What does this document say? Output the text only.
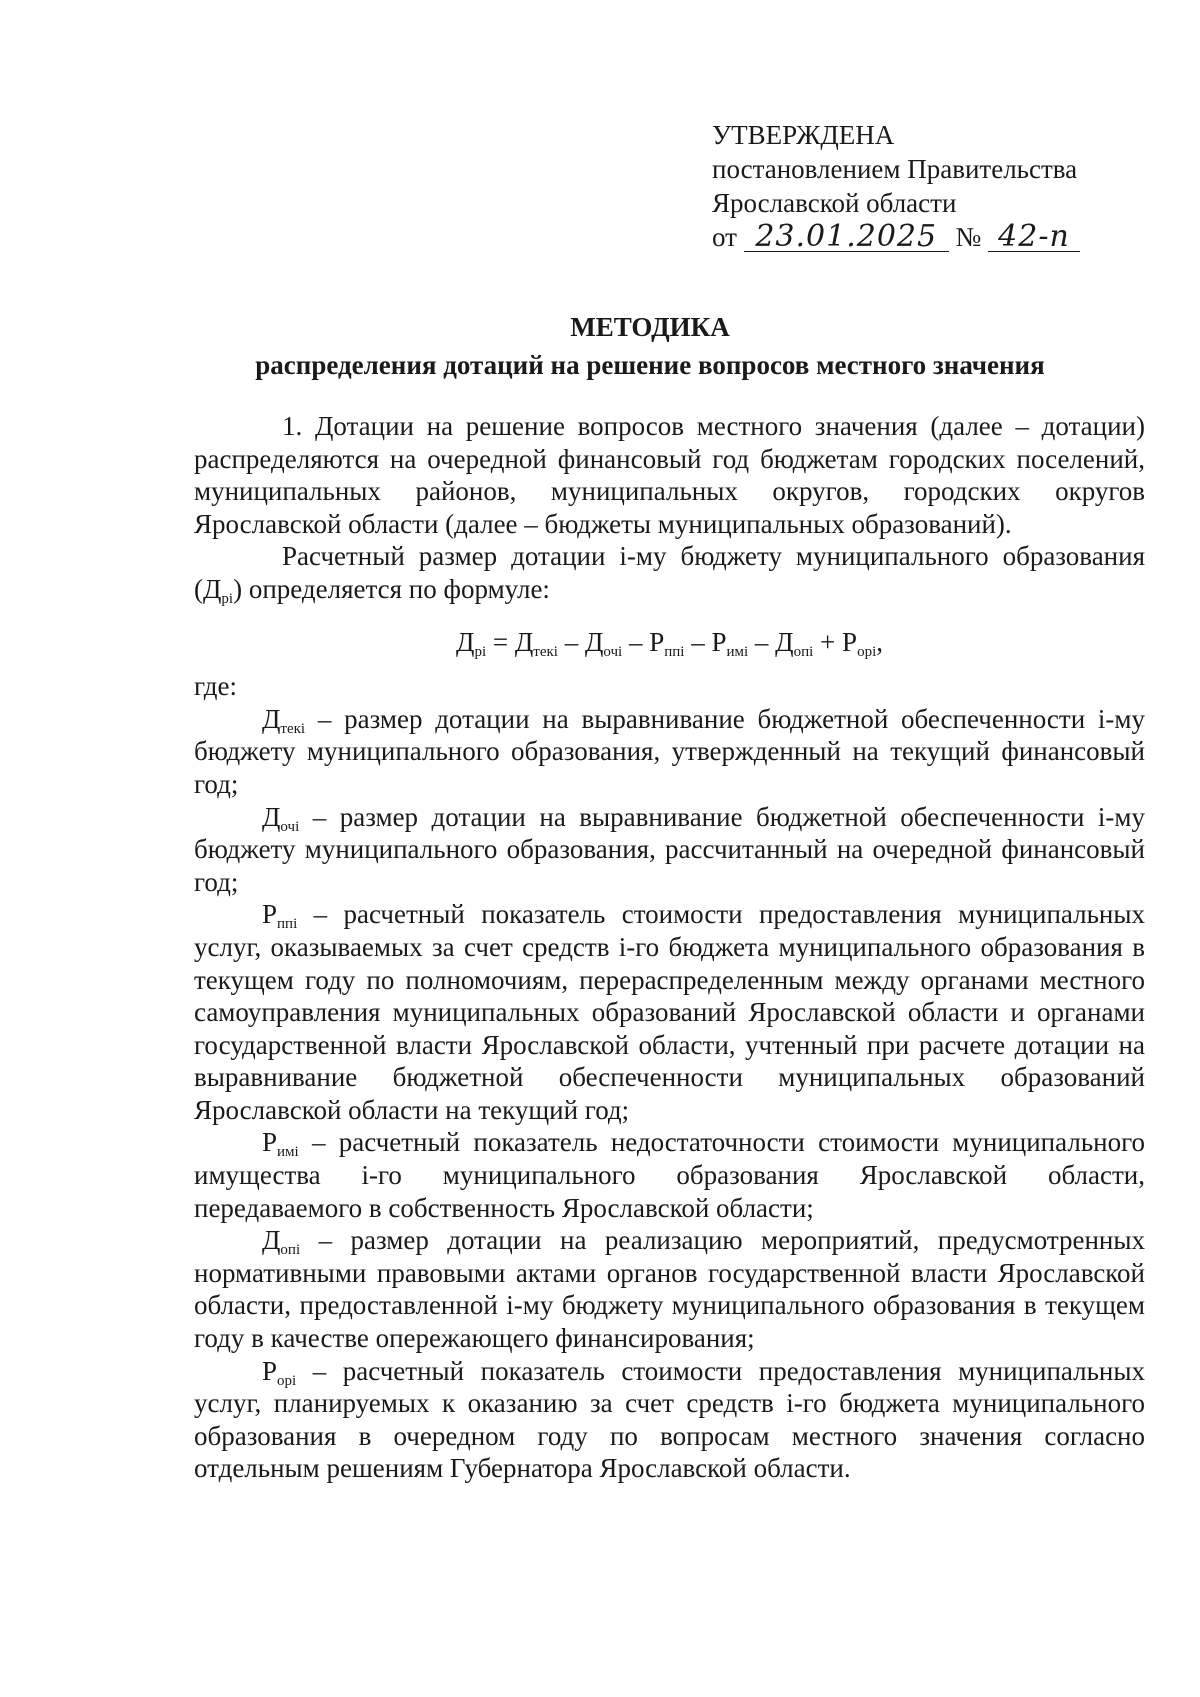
УТВЕРЖДЕНА
постановлением Правительства
Ярославской области
от 23.01.2025 № 42-п
МЕТОДИКА
распределения дотаций на решение вопросов местного значения

1. Дотации на решение вопросов местного значения (далее – дотации) распределяются на очередной финансовый год бюджетам городских поселений, муниципальных районов, муниципальных округов, городских округов Ярославской области (далее – бюджеты муниципальных образований).

Расчетный размер дотации i-му бюджету муниципального образования $(Д_{рi})$ определяется по формуле:

$Д_{рi} = Д_{текi} - Д_{очi} - Р_{ппi} - Р_{имi} - Д_{опi} + Р_{орi}$,

где:

$Д_{текi}$ – размер дотации на выравнивание бюджетной обеспеченности i-му бюджету муниципального образования, утвержденный на текущий финансовый год;

$Д_{очi}$ – размер дотации на выравнивание бюджетной обеспеченности i-му бюджету муниципального образования, рассчитанный на очередной финансовый год;

$Р_{ппi}$ – расчетный показатель стоимости предоставления муниципальных услуг, оказываемых за счет средств i-го бюджета муниципального образования в текущем году по полномочиям, перераспределенным между органами местного самоуправления муниципальных образований Ярославской области и органами государственной власти Ярославской области, учтенный при расчете дотации на выравнивание бюджетной обеспеченности муниципальных образований Ярославской области на текущий год;

$Р_{имi}$ – расчетный показатель недостаточности стоимости муниципального имущества i-го муниципального образования Ярославской области, передаваемого в собственность Ярославской области;

$Д_{опi}$ – размер дотации на реализацию мероприятий, предусмотренных нормативными правовыми актами органов государственной власти Ярославской области, предоставленной i-му бюджету муниципального образования в текущем году в качестве опережающего финансирования;

$Р_{орi}$ – расчетный показатель стоимости предоставления муниципальных услуг, планируемых к оказанию за счет средств i-го бюджета муниципального образования в очередном году по вопросам местного значения согласно отдельным решениям Губернатора Ярославской области.
